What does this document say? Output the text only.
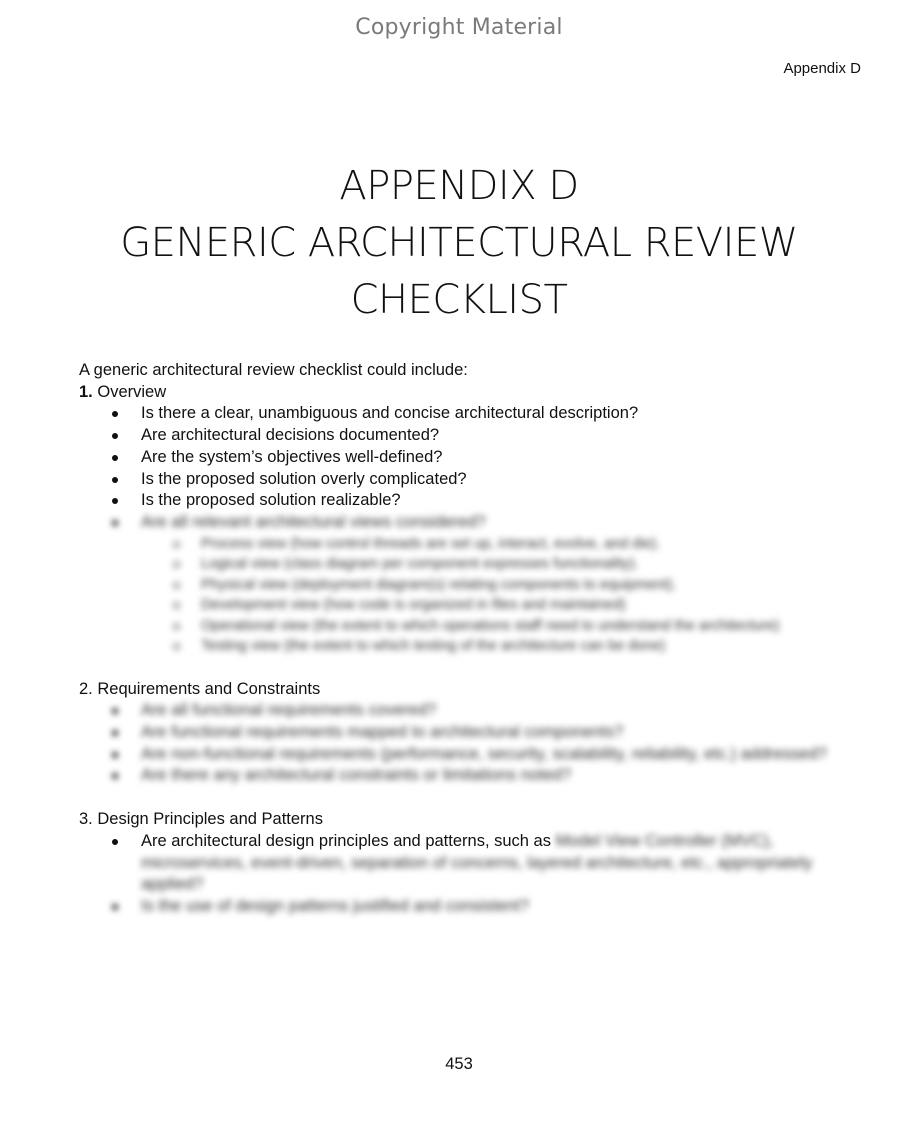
Copyright Material
Appendix D
APPENDIX D
GENERIC ARCHITECTURAL REVIEW
CHECKLIST

A generic architectural review checklist could include:

1. Overview

Is there a clear, unambiguous and concise architectural description?
Are architectural decisions documented?
Are the system’s objectives well-defined?
Is the proposed solution overly complicated?
Is the proposed solution realizable?
Are all relevant architectural views considered?
Process view (how control threads are set up, interact, evolve, and die).
Logical view (class diagram per component expresses functionality).
Physical view (deployment diagram(s) relating components to equipment).
Development view (how code is organized in files and maintained)
Operational view (the extent to which operations staff need to understand the architecture)
Testing view (the extent to which testing of the architecture can be done)

2. Requirements and Constraints

Are all functional requirements covered?
Are functional requirements mapped to architectural components?
Are non-functional requirements (performance, security, scalability, reliability, etc.) addressed?
Are there any architectural constraints or limitations noted?

3. Design Principles and Patterns

Are architectural design principles and patterns, such as Model View Controller (MVC), microservices, event-driven, separation of concerns, layered architecture, etc., appropriately applied?
Is the use of design patterns justified and consistent?
453
